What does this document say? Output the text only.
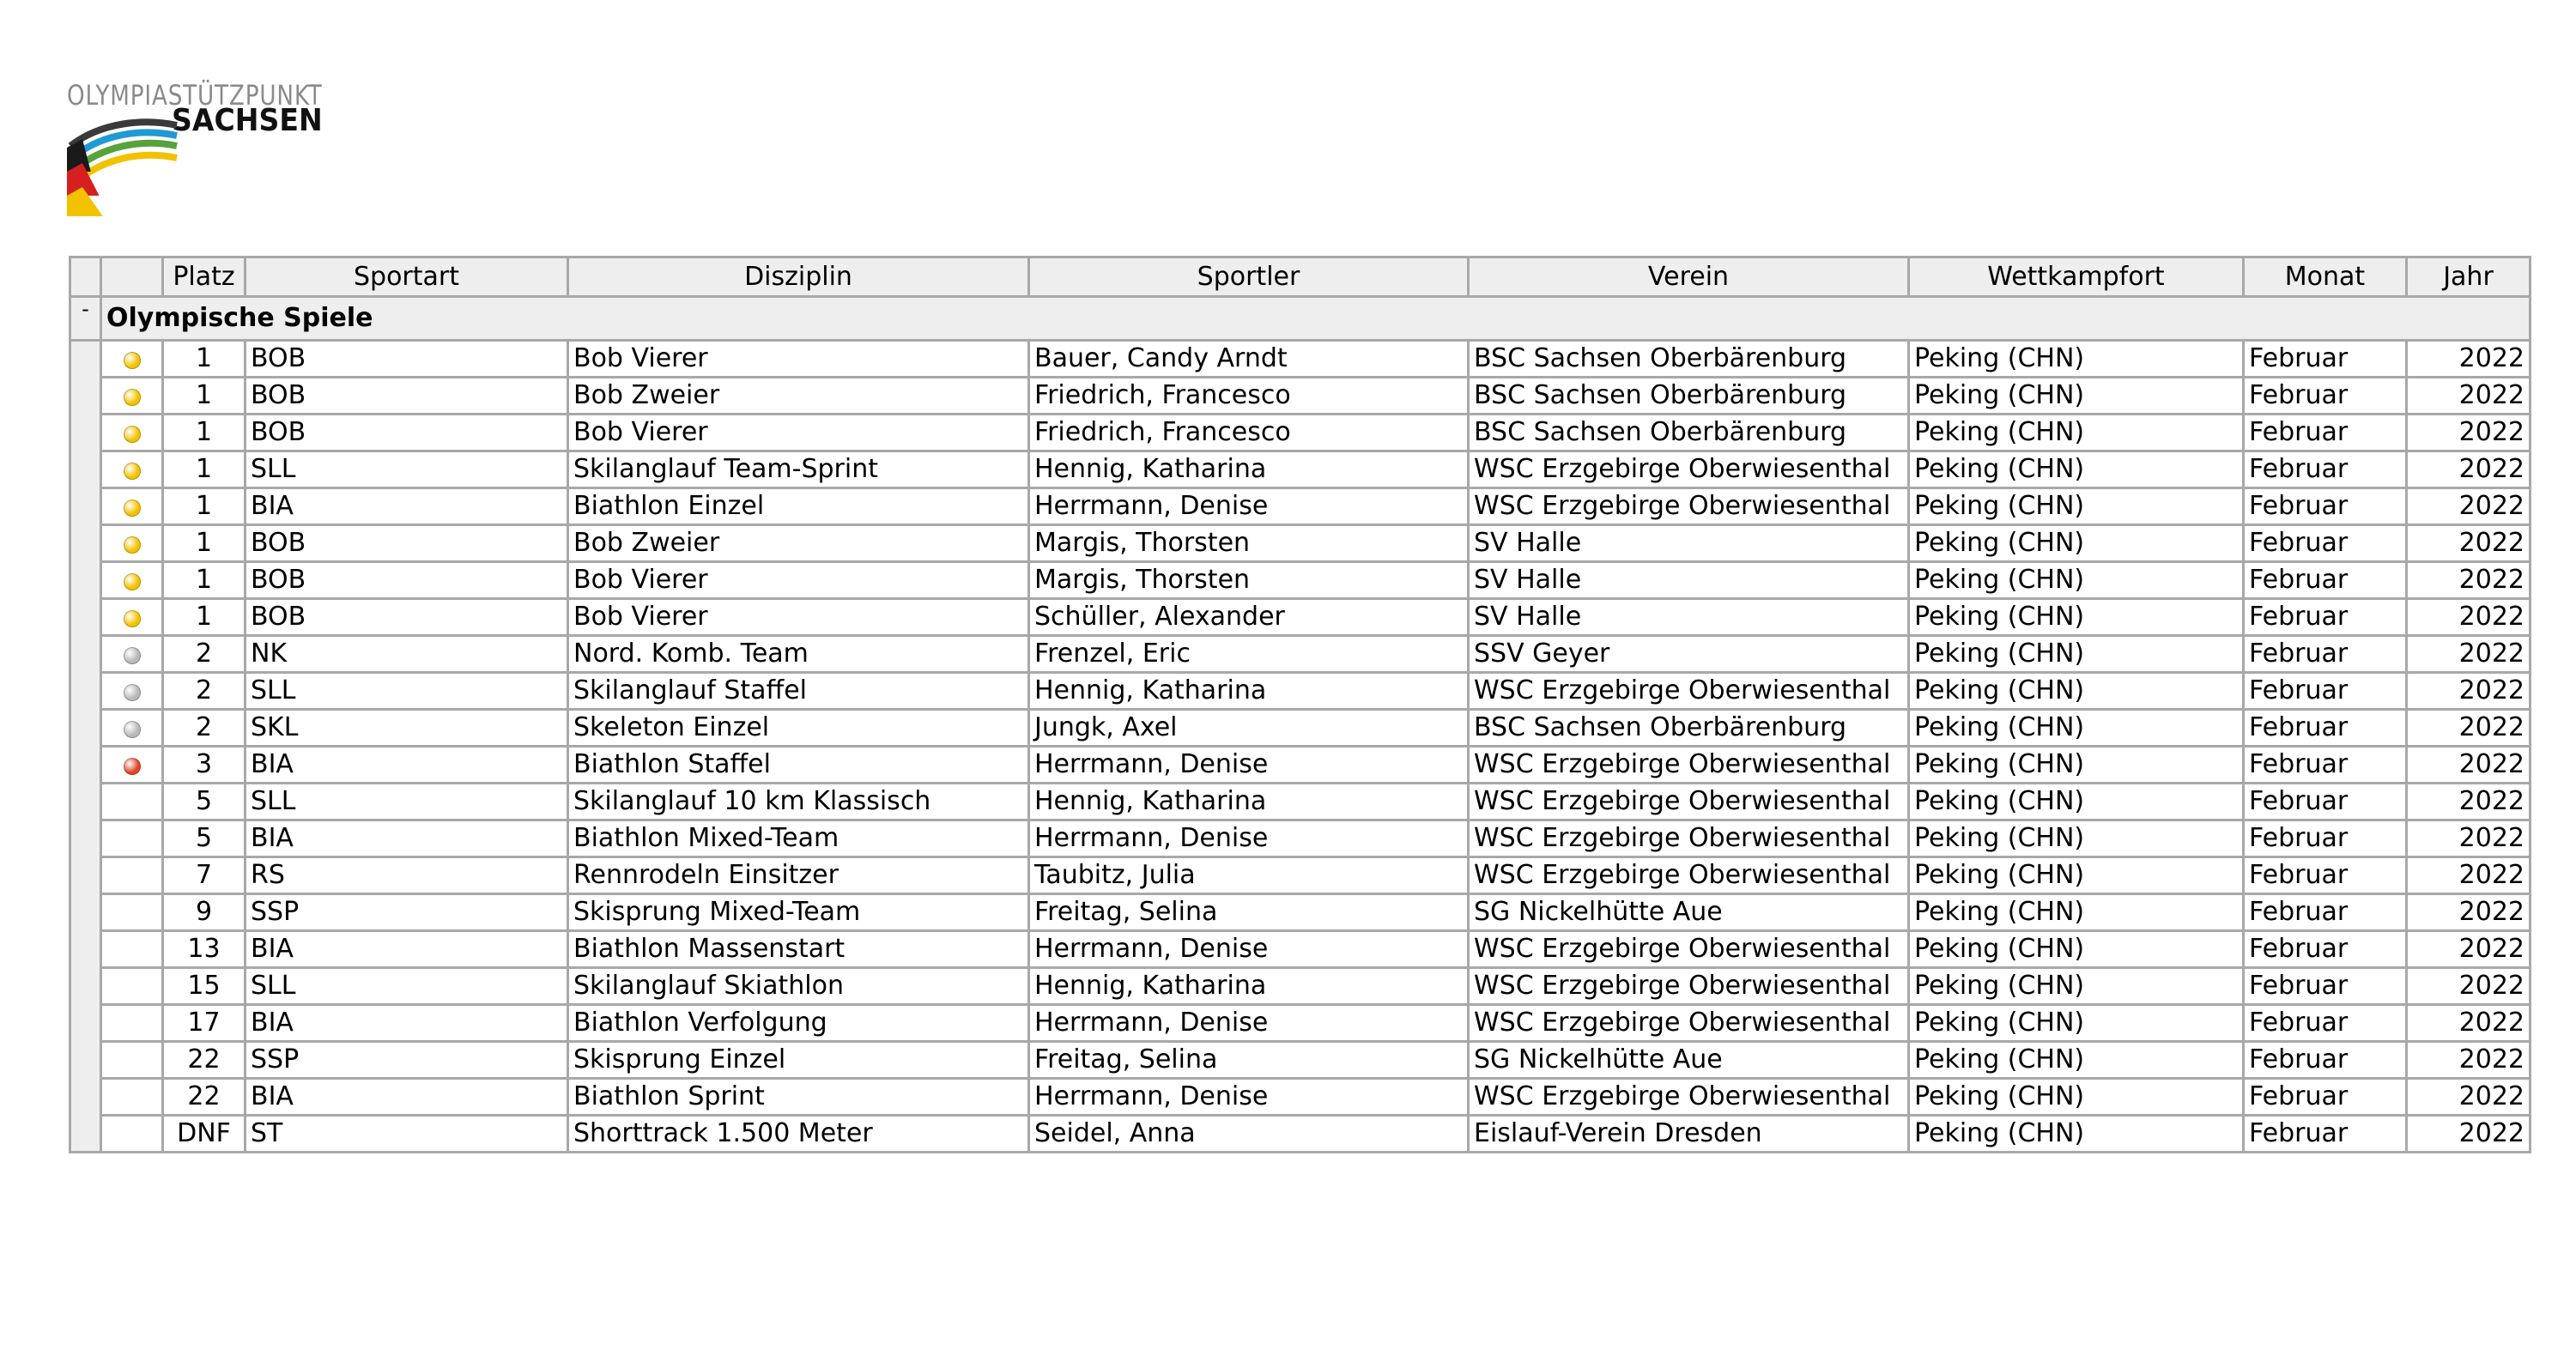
OLYMPIASTÜTZPUNKT
SACHSEN
		Platz	Sportart	Disziplin	Sportler	Verein	Wettkampfort	Monat	Jahr
-	Olympische Spiele								
		1	BOB	Bob Vierer	Bauer, Candy Arndt	BSC Sachsen Oberbärenburg	Peking (CHN)	Februar	2022
		1	BOB	Bob Zweier	Friedrich, Francesco	BSC Sachsen Oberbärenburg	Peking (CHN)	Februar	2022
		1	BOB	Bob Vierer	Friedrich, Francesco	BSC Sachsen Oberbärenburg	Peking (CHN)	Februar	2022
		1	SLL	Skilanglauf Team-Sprint	Hennig, Katharina	WSC Erzgebirge Oberwiesenthal	Peking (CHN)	Februar	2022
		1	BIA	Biathlon Einzel	Herrmann, Denise	WSC Erzgebirge Oberwiesenthal	Peking (CHN)	Februar	2022
		1	BOB	Bob Zweier	Margis, Thorsten	SV Halle	Peking (CHN)	Februar	2022
		1	BOB	Bob Vierer	Margis, Thorsten	SV Halle	Peking (CHN)	Februar	2022
		1	BOB	Bob Vierer	Schüller, Alexander	SV Halle	Peking (CHN)	Februar	2022
		2	NK	Nord. Komb. Team	Frenzel, Eric	SSV Geyer	Peking (CHN)	Februar	2022
		2	SLL	Skilanglauf Staffel	Hennig, Katharina	WSC Erzgebirge Oberwiesenthal	Peking (CHN)	Februar	2022
		2	SKL	Skeleton Einzel	Jungk, Axel	BSC Sachsen Oberbärenburg	Peking (CHN)	Februar	2022
		3	BIA	Biathlon Staffel	Herrmann, Denise	WSC Erzgebirge Oberwiesenthal	Peking (CHN)	Februar	2022
		5	SLL	Skilanglauf 10 km Klassisch	Hennig, Katharina	WSC Erzgebirge Oberwiesenthal	Peking (CHN)	Februar	2022
		5	BIA	Biathlon Mixed-Team	Herrmann, Denise	WSC Erzgebirge Oberwiesenthal	Peking (CHN)	Februar	2022
		7	RS	Rennrodeln Einsitzer	Taubitz, Julia	WSC Erzgebirge Oberwiesenthal	Peking (CHN)	Februar	2022
		9	SSP	Skisprung Mixed-Team	Freitag, Selina	SG Nickelhütte Aue	Peking (CHN)	Februar	2022
		13	BIA	Biathlon Massenstart	Herrmann, Denise	WSC Erzgebirge Oberwiesenthal	Peking (CHN)	Februar	2022
		15	SLL	Skilanglauf Skiathlon	Hennig, Katharina	WSC Erzgebirge Oberwiesenthal	Peking (CHN)	Februar	2022
		17	BIA	Biathlon Verfolgung	Herrmann, Denise	WSC Erzgebirge Oberwiesenthal	Peking (CHN)	Februar	2022
		22	SSP	Skisprung Einzel	Freitag, Selina	SG Nickelhütte Aue	Peking (CHN)	Februar	2022
		22	BIA	Biathlon Sprint	Herrmann, Denise	WSC Erzgebirge Oberwiesenthal	Peking (CHN)	Februar	2022
		DNF	ST	Shorttrack 1.500 Meter	Seidel, Anna	Eislauf-Verein Dresden	Peking (CHN)	Februar	2022
